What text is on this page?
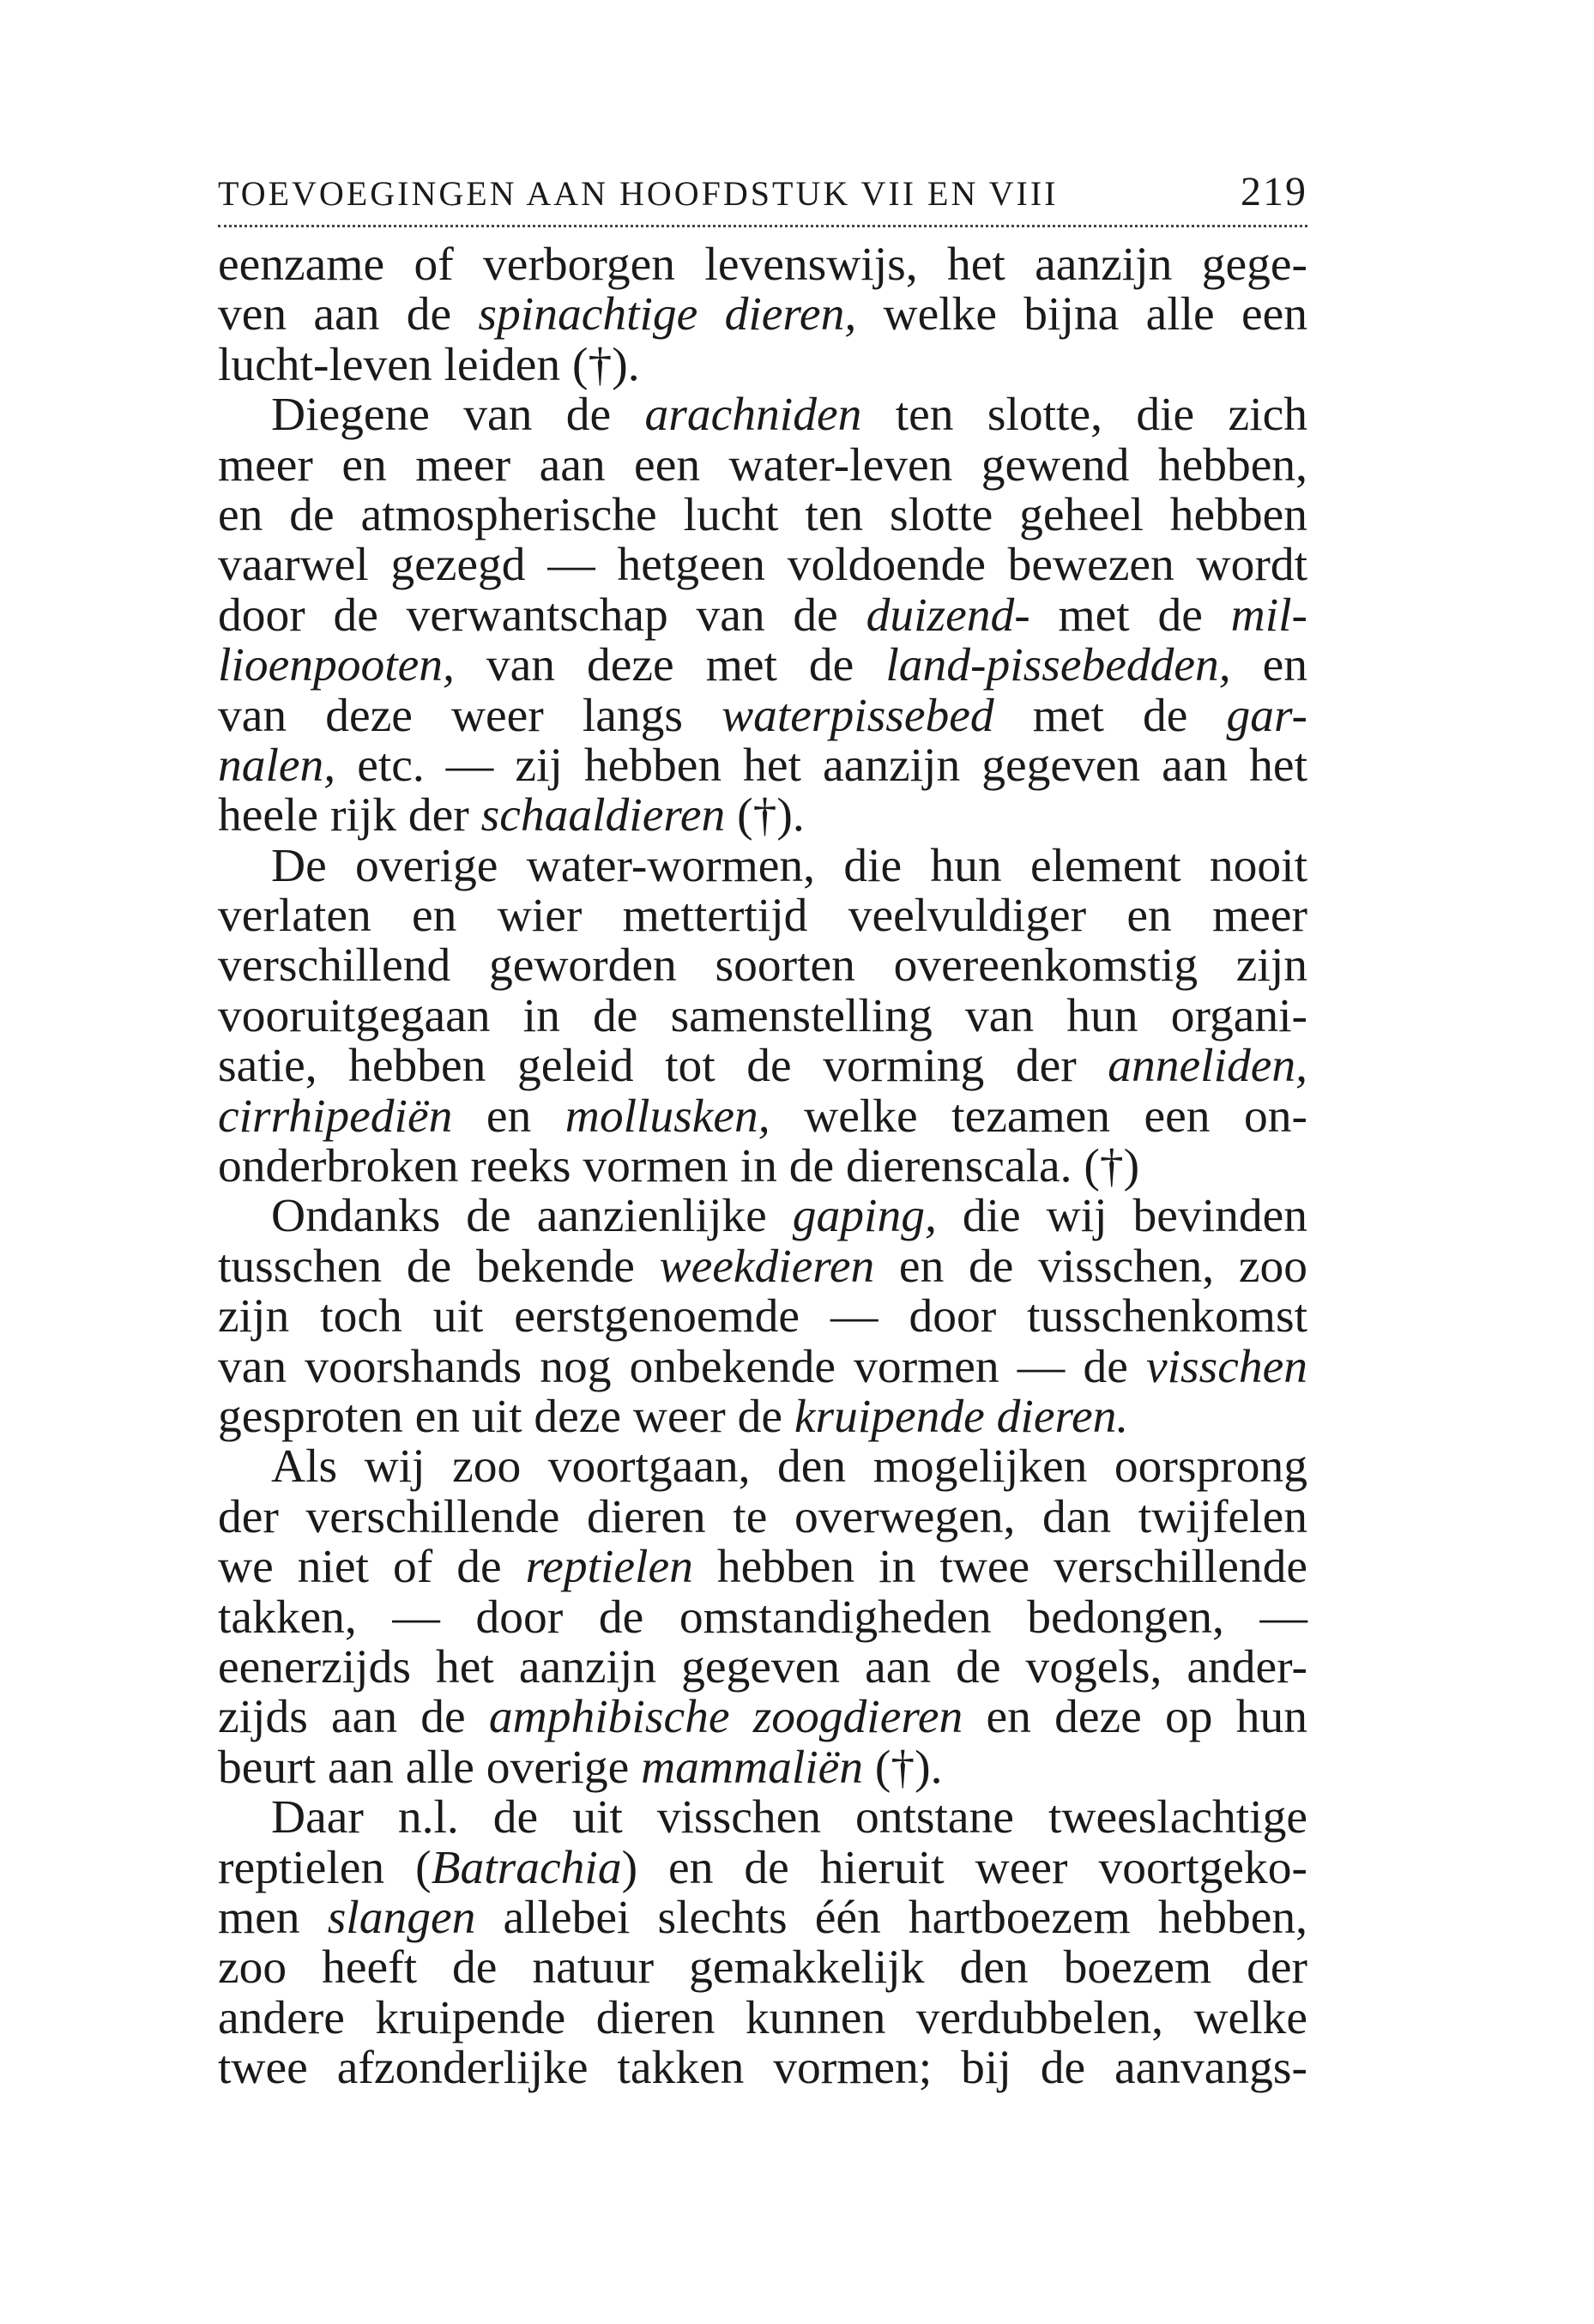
TOEVOEGINGEN AAN HOOFDSTUK VII EN VIII	219
eenzame of verborgen levenswijs, het aanzijn gege-
ven aan de spinachtige dieren, welke bijna alle een
lucht-leven leiden (†).
Diegene van de arachniden ten slotte, die zich
meer en meer aan een water-leven gewend hebben,
en de atmospherische lucht ten slotte geheel hebben
vaarwel gezegd — hetgeen voldoende bewezen wordt
door de verwantschap van de duizend- met de mil-
lioenpooten, van deze met de land-pissebedden, en
van deze weer langs waterpissebed met de gar-
nalen, etc. — zij hebben het aanzijn gegeven aan het
heele rijk der schaaldieren (†).
De overige water-wormen, die hun element nooit
verlaten en wier mettertijd veelvuldiger en meer
verschillend geworden soorten overeenkomstig zijn
vooruitgegaan in de samenstelling van hun organi-
satie, hebben geleid tot de vorming der anneliden,
cirrhipediën en mollusken, welke tezamen een on-
onderbroken reeks vormen in de dierenscala. (†)
Ondanks de aanzienlijke gaping, die wij bevinden
tusschen de bekende weekdieren en de visschen, zoo
zijn toch uit eerstgenoemde — door tusschenkomst
van voorshands nog onbekende vormen — de visschen
gesproten en uit deze weer de kruipende dieren.
Als wij zoo voortgaan, den mogelijken oorsprong
der verschillende dieren te overwegen, dan twijfelen
we niet of de reptielen hebben in twee verschillende
takken, — door de omstandigheden bedongen, —
eenerzijds het aanzijn gegeven aan de vogels, ander-
zijds aan de amphibische zoogdieren en deze op hun
beurt aan alle overige mammaliën (†).
Daar n.l. de uit visschen ontstane tweeslachtige
reptielen (Batrachia) en de hieruit weer voortgeko-
men slangen allebei slechts één hartboezem hebben,
zoo heeft de natuur gemakkelijk den boezem der
andere kruipende dieren kunnen verdubbelen, welke
twee afzonderlijke takken vormen; bij de aanvangs-
